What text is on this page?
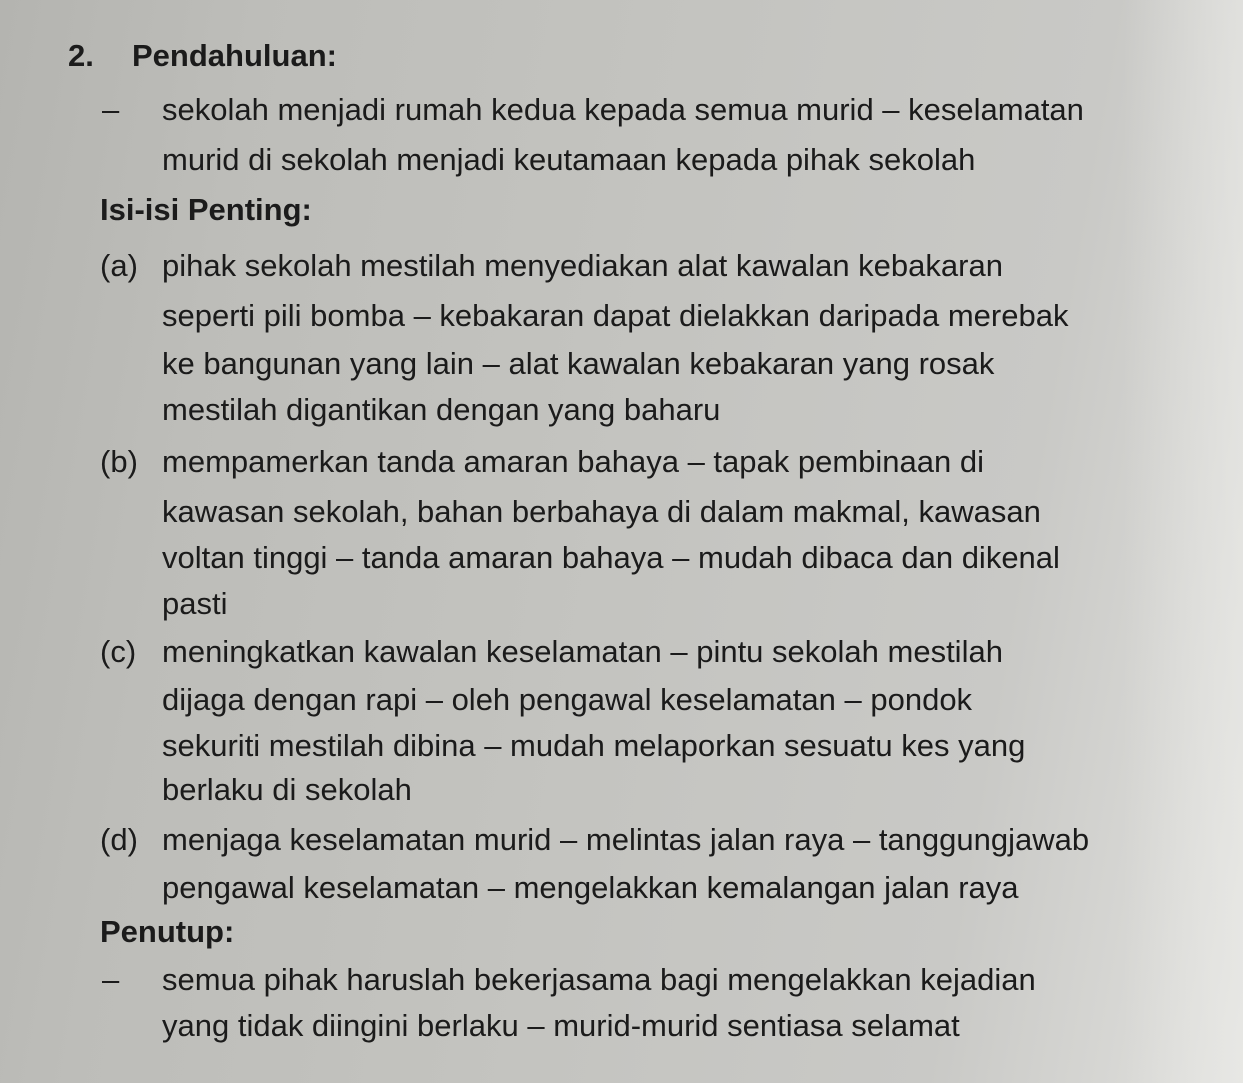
2. Pendahuluan:
– sekolah menjadi rumah kedua kepada semua murid – keselamatan
murid di sekolah menjadi keutamaan kepada pihak sekolah
Isi-isi Penting:
(a) pihak sekolah mestilah menyediakan alat kawalan kebakaran
seperti pili bomba – kebakaran dapat dielakkan daripada merebak
ke bangunan yang lain – alat kawalan kebakaran yang rosak
mestilah digantikan dengan yang baharu
(b) mempamerkan tanda amaran bahaya – tapak pembinaan di
kawasan sekolah, bahan berbahaya di dalam makmal, kawasan
voltan tinggi – tanda amaran bahaya – mudah dibaca dan dikenal
pasti
(c) meningkatkan kawalan keselamatan – pintu sekolah mestilah
dijaga dengan rapi – oleh pengawal keselamatan – pondok
sekuriti mestilah dibina – mudah melaporkan sesuatu kes yang
berlaku di sekolah
(d) menjaga keselamatan murid – melintas jalan raya – tanggungjawab
pengawal keselamatan – mengelakkan kemalangan jalan raya
Penutup:
– semua pihak haruslah bekerjasama bagi mengelakkan kejadian
yang tidak diingini berlaku – murid-murid sentiasa selamat
